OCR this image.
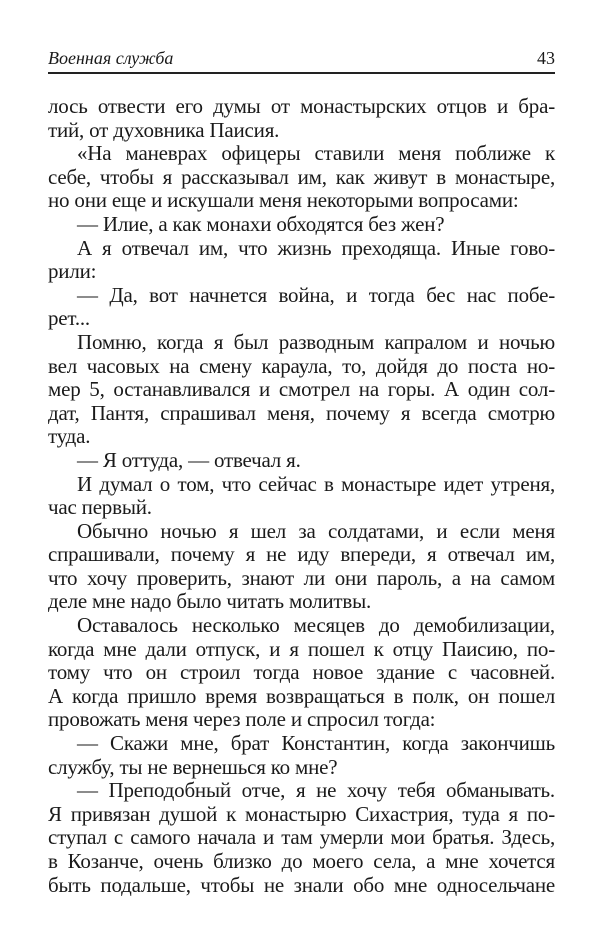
Военная служба	43
лось отвести его думы от монастырских отцов и бра-
тий, от духовника Паисия.
«На маневрах офицеры ставили меня поближе к
себе, чтобы я рассказывал им, как живут в монастыре,
но они еще и искушали меня некоторыми вопросами:
— Илие, а как монахи обходятся без жен?
А я отвечал им, что жизнь преходяща. Иные гово-
рили:
— Да, вот начнется война, и тогда бес нас побе-
рет...
Помню, когда я был разводным капралом и ночью
вел часовых на смену караула, то, дойдя до поста но-
мер 5, останавливался и смотрел на горы. А один сол-
дат, Пантя, спрашивал меня, почему я всегда смотрю
туда.
— Я оттуда, — отвечал я.
И думал о том, что сейчас в монастыре идет утреня,
час первый.
Обычно ночью я шел за солдатами, и если меня
спрашивали, почему я не иду впереди, я отвечал им,
что хочу проверить, знают ли они пароль, а на самом
деле мне надо было читать молитвы.
Оставалось несколько месяцев до демобилизации,
когда мне дали отпуск, и я пошел к отцу Паисию, по-
тому что он строил тогда новое здание с часовней.
А когда пришло время возвращаться в полк, он пошел
провожать меня через поле и спросил тогда:
— Скажи мне, брат Константин, когда закончишь
службу, ты не вернешься ко мне?
— Преподобный отче, я не хочу тебя обманывать.
Я привязан душой к монастырю Сихастрия, туда я по-
ступал с самого начала и там умерли мои братья. Здесь,
в Козанче, очень близко до моего села, а мне хочется
быть подальше, чтобы не знали обо мне односельчане
